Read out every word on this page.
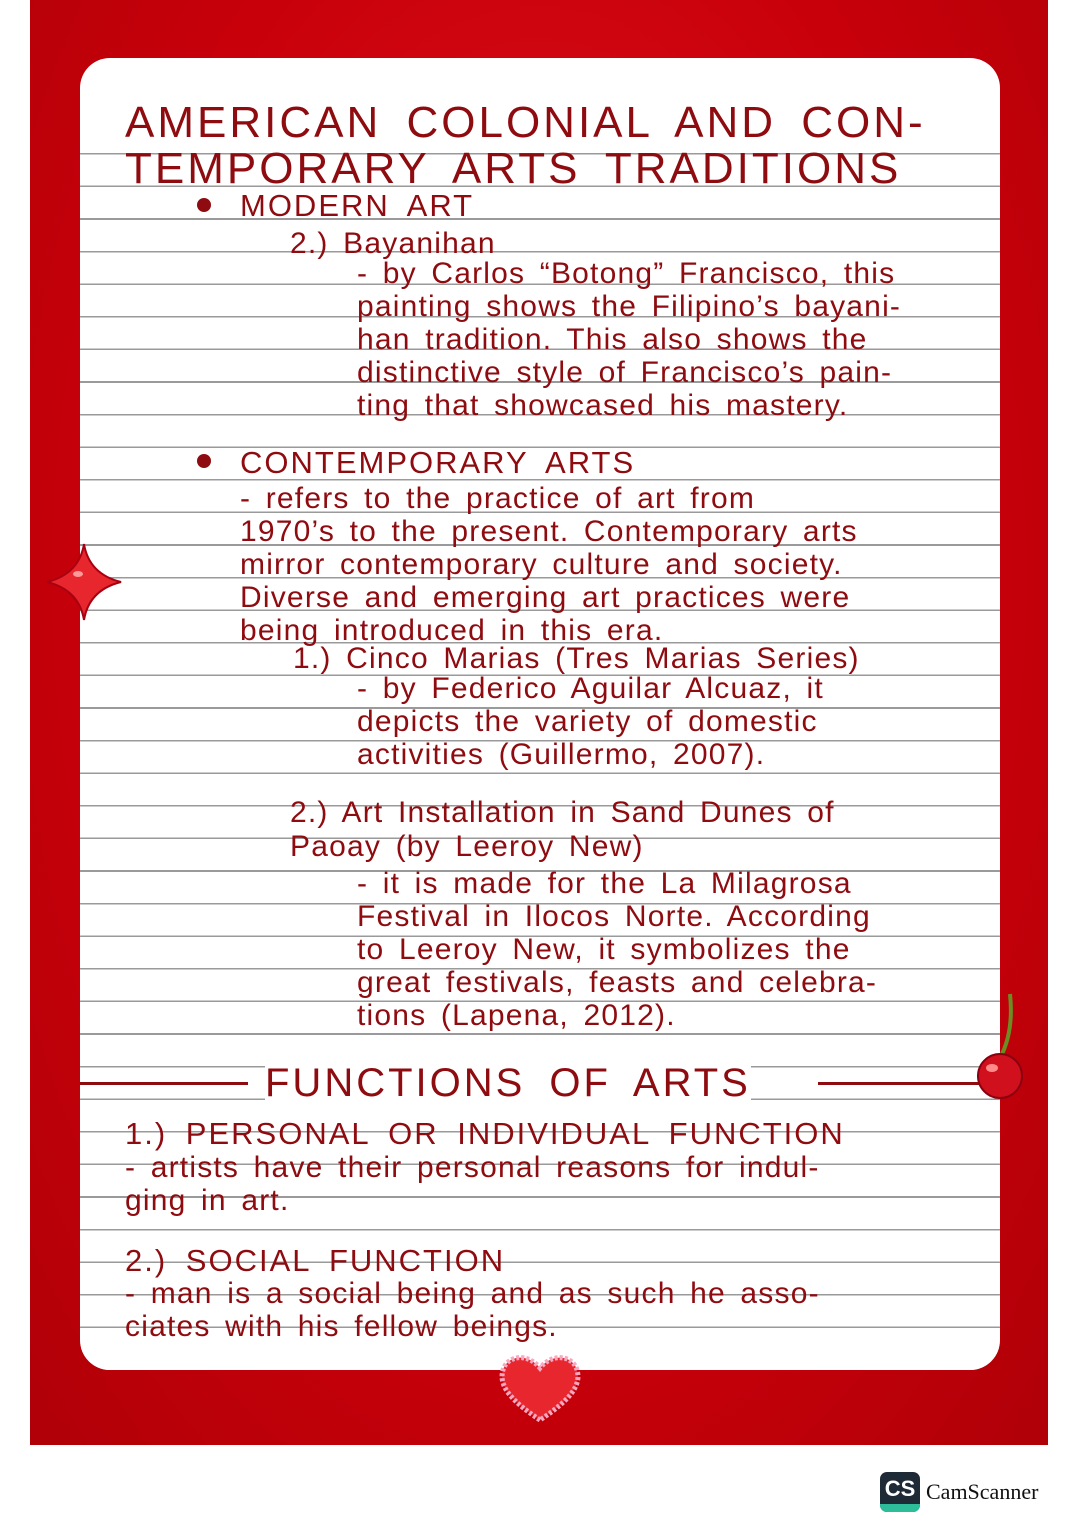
AMERICAN COLONIAL AND CON-
TEMPORARY ARTS TRADITIONS
MODERN ART
2.) Bayanihan
- by Carlos “Botong” Francisco, this
painting shows the Filipino’s bayani-
han tradition. This also shows the
distinctive style of Francisco’s pain-
ting that showcased his mastery.
CONTEMPORARY ARTS
- refers to the practice of art from
1970’s to the present. Contemporary arts
mirror contemporary culture and society.
Diverse and emerging art practices were
being introduced in this era.
1.) Cinco Marias (Tres Marias Series)
- by Federico Aguilar Alcuaz, it
depicts the variety of domestic
activities (Guillermo, 2007).
2.) Art Installation in Sand Dunes of
Paoay (by Leeroy New)
- it is made for the La Milagrosa
Festival in Ilocos Norte. According
to Leeroy New, it symbolizes the
great festivals, feasts and celebra-
tions (Lapena, 2012).
FUNCTIONS OF ARTS
1.) PERSONAL OR INDIVIDUAL FUNCTION
- artists have their personal reasons for indul-
ging in art.
2.) SOCIAL FUNCTION
- man is a social being and as such he asso-
ciates with his fellow beings.
CS CamScanner
